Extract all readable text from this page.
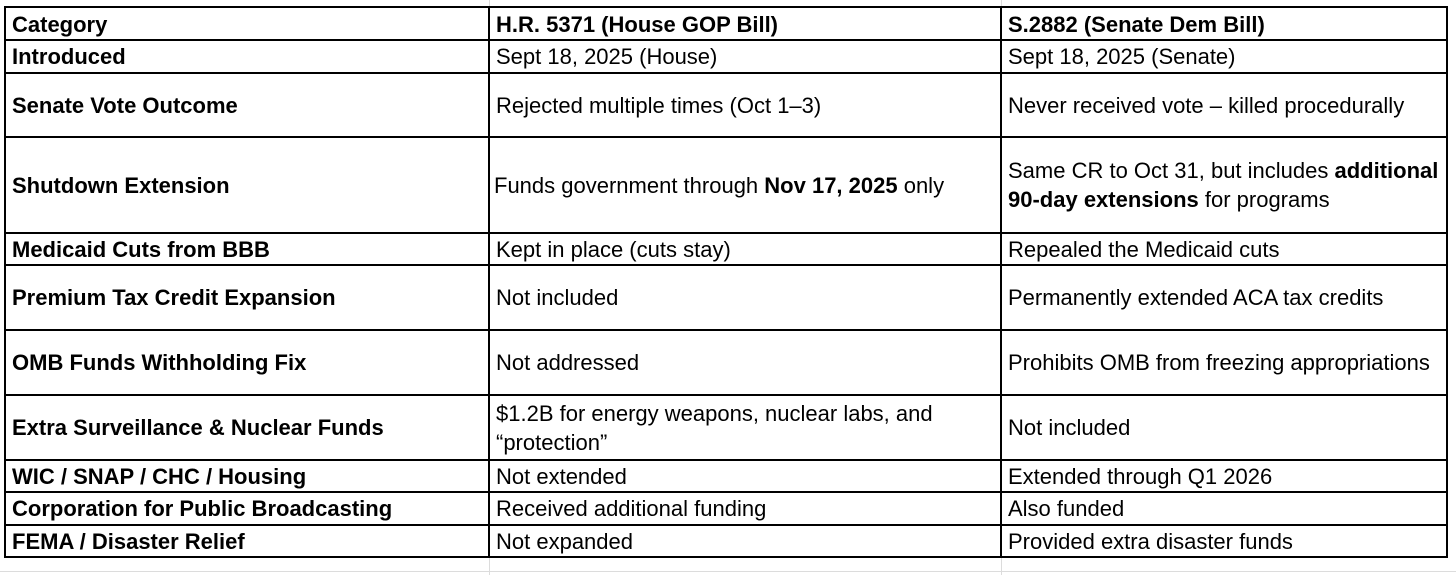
Category	H.R. 5371 (House GOP Bill)	S.2882 (Senate Dem Bill)
Introduced	Sept 18, 2025 (House)	Sept 18, 2025 (Senate)
Senate Vote Outcome	Rejected multiple times (Oct 1–3)	Never received vote – killed procedurally
Shutdown Extension	Funds government through Nov 17, 2025 only	Same CR to Oct 31, but includes additional 90-day extensions for programs
Medicaid Cuts from BBB	Kept in place (cuts stay)	Repealed the Medicaid cuts
Premium Tax Credit Expansion	Not included	Permanently extended ACA tax credits
OMB Funds Withholding Fix	Not addressed	Prohibits OMB from freezing appropriations
Extra Surveillance & Nuclear Funds	$1.2B for energy weapons, nuclear labs, and “protection”	Not included
WIC / SNAP / CHC / Housing	Not extended	Extended through Q1 2026
Corporation for Public Broadcasting	Received additional funding	Also funded
FEMA / Disaster Relief	Not expanded	Provided extra disaster funds
